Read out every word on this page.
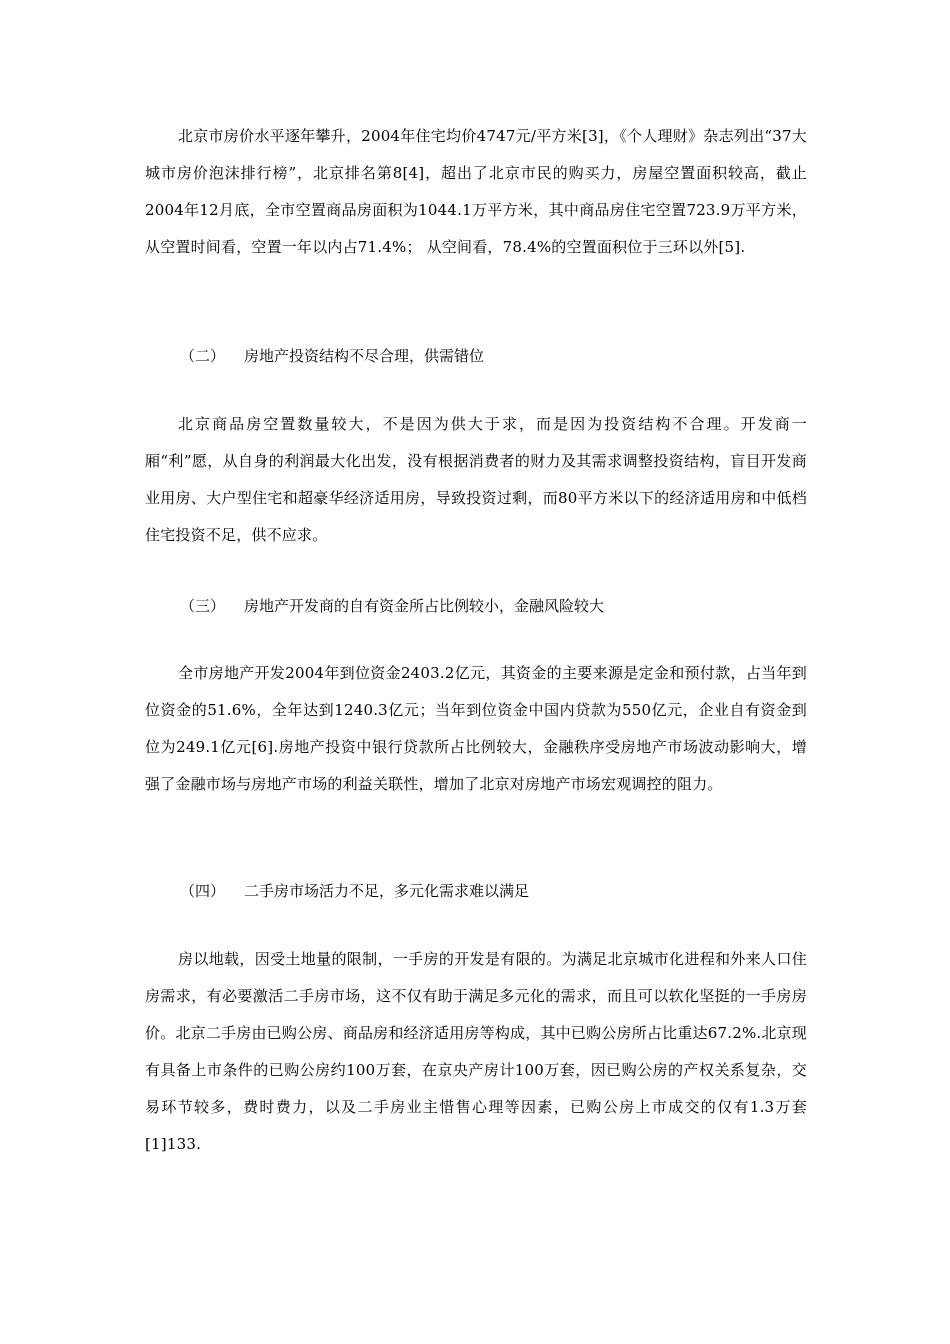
北京市房价水平逐年攀升，2004年住宅均价4747元/平方米[3]，《个人理财》杂志列出“37大城市房价泡沫排行榜”，北京排名第8[4]，超出了北京市民的购买力，房屋空置面积较高，截止2004年12月底，全市空置商品房面积为1044.1万平方米，其中商品房住宅空置723.9万平方米，从空置时间看，空置一年以内占71.4%； 从空间看，78.4%的空置面积位于三环以外[5].

（二） 房地产投资结构不尽合理，供需错位

北京商品房空置数量较大，不是因为供大于求，而是因为投资结构不合理。开发商一厢“利”愿，从自身的利润最大化出发，没有根据消费者的财力及其需求调整投资结构，盲目开发商业用房、大户型住宅和超豪华经济适用房，导致投资过剩，而80平方米以下的经济适用房和中低档住宅投资不足，供不应求。

（三） 房地产开发商的自有资金所占比例较小，金融风险较大

全市房地产开发2004年到位资金2403.2亿元，其资金的主要来源是定金和预付款，占当年到位资金的51.6%，全年达到1240.3亿元；当年到位资金中国内贷款为550亿元，企业自有资金到位为249.1亿元[6].房地产投资中银行贷款所占比例较大，金融秩序受房地产市场波动影响大，增强了金融市场与房地产市场的利益关联性，增加了北京对房地产市场宏观调控的阻力。

（四） 二手房市场活力不足，多元化需求难以满足

房以地载，因受土地量的限制，一手房的开发是有限的。为满足北京城市化进程和外来人口住房需求，有必要激活二手房市场，这不仅有助于满足多元化的需求，而且可以软化坚挺的一手房房价。北京二手房由已购公房、商品房和经济适用房等构成，其中已购公房所占比重达67.2%.北京现有具备上市条件的已购公房约100万套，在京央产房计100万套，因已购公房的产权关系复杂，交易环节较多，费时费力，以及二手房业主惜售心理等因素，已购公房上市成交的仅有1.3万套 [1]133.
